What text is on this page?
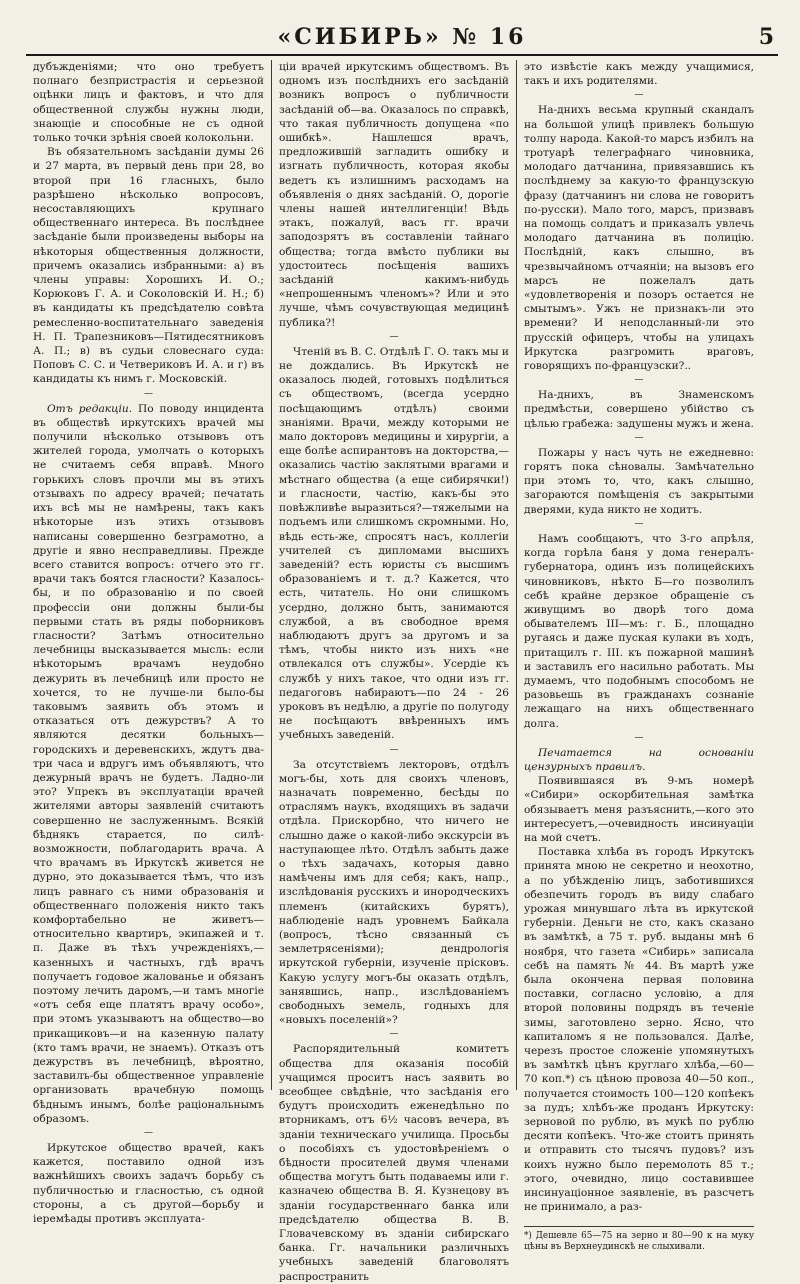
«СИБИРЬ» № 16	5

дубъжденіями; что оно требуетъ полнаго безпристрастія и серьезной оцѣнки лицъ и фактовъ, и что для общественной службы нужны люди, знающіе и способные не съ одной только точки зрѣнія своей колокольни.

Въ обязательномъ засѣданіи думы 26 и 27 марта, въ первый день при 28, во второй при 16 гласныхъ, было разрѣшено нѣсколько вопросовъ, несоставляющихъ крупнаго общественнаго интереса. Въ послѣднее засѣданіе были произведены выборы на нѣкоторыя общественныя должности, причемъ оказались избранными: а) въ члены управы: Хорошихъ И. О.; Корюковъ Г. А. и Соколовскій И. Н.; б) въ кандидаты къ предсѣдателю совѣта ремесленно-воспитательнаго заведенія Н. П. Трапезниковъ—Пятидесятниковъ А. П.; в) въ судьи словеснаго суда: Поповъ С. С. и Четвериковъ И. А. и г) въ кандидаты къ нимъ г. Московскій.

—

Отъ редакціи. По поводу инцидента въ обществѣ иркутскихъ врачей мы получили нѣсколько отзывовъ отъ жителей города, умолчать о которыхъ не считаемъ себя вправѣ. Много горькихъ словъ прочли мы въ этихъ отзывахъ по адресу врачей; печатать ихъ всѣ мы не намѣрены, такъ какъ нѣкоторые изъ этихъ отзывовъ написаны совершенно безграмотно, а другіе и явно несправедливы. Прежде всего ставится вопросъ: отчего это гг. врачи такъ боятся гласности? Казалось-бы, и по образованію и по своей профессіи они должны были-бы первыми стать въ ряды поборниковъ гласности? Затѣмъ относительно лечебницы высказывается мысль: если нѣкоторымъ врачамъ неудобно дежурить въ лечебницѣ или просто не хочется, то не лучше-ли было-бы таковымъ заявить объ этомъ и отказаться отъ дежурствъ? А то являются десятки больныхъ—городскихъ и деревенскихъ, ждутъ два-три часа и вдругъ имъ объявляютъ, что дежурный врачъ не будетъ. Ладно-ли это? Упрекъ въ эксплуатаціи врачей жителями авторы заявленій считаютъ совершенно не заслуженнымъ. Всякій бѣднякъ старается, по силѣ-возможности, поблагодарить врача. А что врачамъ въ Иркутскѣ живется не дурно, это доказывается тѣмъ, что изъ лицъ равнаго съ ними образованія и общественнаго положенія никто такъ комфортабельно не живетъ—относительно квартиръ, экипажей и т. п. Даже въ тѣхъ учрежденіяхъ,—казенныхъ и частныхъ, гдѣ врачъ получаетъ годовое жалованье и обязанъ поэтому лечить даромъ,—и тамъ многіе «отъ себя еще платятъ врачу особо», при этомъ указываютъ на общество—во прикащиковъ—и на казенную палату (кто тамъ врачи, не знаемъ). Отказъ отъ дежурствъ въ лечебницѣ, вѣроятно, заставилъ-бы общественное управленіе организовать врачебную помощь бѣднымъ инымъ, болѣе раціональнымъ образомъ.

—

Иркутское общество врачей, какъ кажется, поставило одной изъ важнѣйшихъ своихъ задачъ борьбу съ публичностью и гласностью, съ одной стороны, а съ другой—борьбу и іеремѣады противъ эксплуата-

ціи врачей иркутскимъ обществомъ. Въ одномъ изъ послѣднихъ его засѣданій возникъ вопросъ о публичности засѣданій об—ва. Оказалось по справкѣ, что такая публичность допущена «по ошибкѣ». Нашлешся врачъ, предложившій загладить ошибку и изгнать публичность, которая якобы ведетъ къ излишнимъ расходамъ на объявленія о днях засѣданій. О, дорогіе члены нашей интеллигенціи! Вѣдь этакъ, пожалуй, васъ гг. врачи заподозрятъ въ составленіи тайнаго общества; тогда вмѣсто публики вы удостоитесь посѣщенія вашихъ засѣданій какимъ-нибудь «непрошеннымъ членомъ»? Или и это лучше, чѣмъ сочувствующая медицинѣ публика?!

—

Чтеній въ В. С. Отдѣлѣ Г. О. такъ мы и не дождались. Въ Иркутскѣ не оказалось людей, готовыхъ подѣлиться съ обществомъ, (всегда усердно посѣщающимъ отдѣлъ) своими знаніями. Врачи, между которыми не мало докторовъ медицины и хирургіи, а еще болѣе аспирантовъ на докторства,—оказались частію заклятыми врагами и мѣстнаго общества (а еще сибирячки!) и гласности, частію, какъ-бы это повѣжливѣе выразиться?—тяжелыми на подъемъ или слишкомъ скромными. Но, вѣдь есть-же, спросятъ насъ, коллегіи учителей съ дипломами высшихъ заведеній? есть юристы съ высшимъ образованіемъ и т. д.? Кажется, что есть, читатель. Но они слишкомъ усердно, должно быть, занимаются службой, а въ свободное время наблюдаютъ другъ за другомъ и за тѣмъ, чтобы никто изъ нихъ «не отвлекался отъ службы». Усердіе къ службѣ у нихъ такое, что одни изъ гг. педагоговъ набираютъ—по 24 - 26 уроковъ въ недѣлю, а другіе по полугоду не посѣщаютъ ввѣренныхъ имъ учебныхъ заведеній.

—

За отсутствіемъ лекторовъ, отдѣлъ могъ-бы, хоть для своихъ членовъ, назначать повременно, бесѣды по отраслямъ наукъ, входящихъ въ задачи отдѣла. Прискорбно, что ничего не слышно даже о какой-либо экскурсіи въ наступающее лѣто. Отдѣлъ забыть даже о тѣхъ задачахъ, которыя давно намѣчены имъ для себя; какъ, напр., изслѣдованія русскихъ и инородческихъ племенъ (китайскихъ бурятъ), наблюденіе надъ уровнемъ Байкала (вопросъ, тѣсно связанный съ землетрясеніями); дендрологія иркутской губерніи, изученіе прісковъ. Какую услугу могъ-бы оказать отдѣлъ, занявшись, напр., изслѣдованіемъ свободныхъ земель, годныхъ для «новыхъ поселеній»?

—

Распорядительный комитетъ общества для оказанія пособій учащимся проситъ насъ заявить во всеобщее свѣдѣніе, что засѣданія его будутъ происходить еженедѣльно по вторникамъ, отъ 6½ часовъ вечера, въ зданіи техническаго училища. Просьбы о пособіяхъ съ удостовѣреніемъ о бѣдности просителей двумя членами общества могутъ быть подаваемы или г. казначею общества В. Я. Кузнецову въ зданіи государственнаго банка или предсѣдателю общества В. В. Гловачевскому въ зданіи сибирскаго банка. Гг. начальники различныхъ учебныхъ заведеній благоволятъ распространить

это извѣстіе какъ между учащимися, такъ и ихъ родителями.

—

На-днихъ весьма крупный скандалъ на большой улицѣ привлекъ большую толпу народа. Какой-то марсъ избилъ на тротуарѣ телеграфнаго чиновника, молодаго датчанина, привязавшись къ послѣднему за какую-то французскую фразу (датчанинъ ни слова не говоритъ по-русски). Мало того, марсъ, призвавъ на помощь солдатъ и приказалъ увлечь молодаго датчанина въ полицію. Послѣдній, какъ слышно, въ чрезвычайномъ отчаяніи; на вызовъ его марсъ не пожелалъ дать «удовлетворенія и позоръ остается не смытымъ». Ужъ не признакъ-ли это времени? И неподсланный-ли это прусскій офицеръ, чтобы на улицахъ Иркутска разгромить враговъ, говорящихъ по-французски?..

—

На-днихъ, въ Знаменскомъ предмѣстьи, совершено убійство съ цѣлью грабежа: задушены мужъ и жена.

—

Пожары у насъ чуть не ежедневно: горятъ пока сѣновалы. Замѣчательно при этомъ то, что, какъ слышно, загораются помѣщенія съ закрытыми дверями, куда никто не ходитъ.

—

Намъ сообщаютъ, что 3-го апрѣля, когда горѣла баня у дома генералъ-губернатора, одинъ изъ полицейскихъ чиновниковъ, нѣкто Б—го позволилъ себѣ крайне дерзкое обращеніе съ живущимъ во дворѣ того дома обывателемъ III—мъ: г. Б., площадно ругаясь и даже пуская кулаки въ ходъ, притащилъ г. III. къ пожарной машинѣ и заставилъ его насильно работать. Мы думаемъ, что подобнымъ способомъ не разовьешь въ гражданахъ сознаніе лежащаго на нихъ общественнаго долга.

—

Печатается на основаніи цензурныхъ правилъ.

Появившаяся въ 9-мъ номерѣ «Сибири» оскорбительная замѣтка обязываетъ меня разъяснить,—кого это интересуетъ,—очевидность инсинуаціи на мой счетъ.

Поставка хлѣба въ городъ Иркутскъ принята мною не секретно и неохотно, а по убѣжденію лицъ, заботившихся обезпечить городъ въ виду слабаго урожая минувшаго лѣта въ иркутской губерніи. Деньги не сто, какъ сказано въ замѣткѣ, а 75 т. руб. выданы мнѣ 6 ноября, что газета «Сибирь» записала себѣ на память № 44. Въ мартѣ уже была окончена первая половина поставки, согласно условію, а для второй половины подрядъ въ теченіе зимы, заготовлено зерно. Ясно, что капиталомъ я не пользовался. Далѣе, черезъ простое сложеніе упомянутыхъ въ замѣткѣ цѣнъ круглаго хлѣба,—60—70 коп.*) съ цѣною провоза 40—50 коп., получается стоимость 100—120 копѣекъ за пудъ; хлѣбъ-же проданъ Иркутску: зерновой по рублю, въ мукѣ по рублю десяти копѣекъ. Что-же стоитъ принять и отправить сто тысячъ пудовъ? изъ коихъ нужно было перемолоть 85 т.; этого, очевидно, лицо составившее инсинуаціонное заявленіе, въ разсчетъ не принимало, а раз-

*) Дешевле 65—75 на зерно и 80—90 к на муку цѣны въ Верхнеудинскѣ не слыхивали.
